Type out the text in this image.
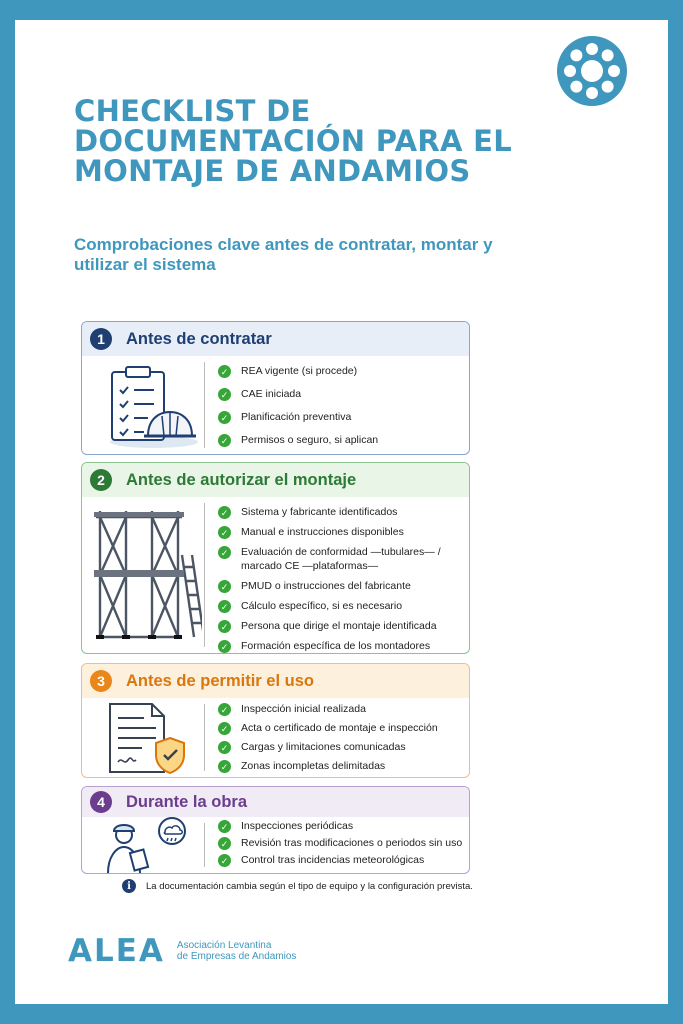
CHECKLIST DE DOCUMENTACIÓN PARA EL MONTAJE DE ANDAMIOS

Comprobaciones clave antes de contratar, montar y utilizar el sistema

1	Antes de contratar
✓ REA vigente (si procede)
✓ CAE iniciada
✓ Planificación preventiva
✓ Permisos o seguro, si aplican
2	Antes de autorizar el montaje
✓ Sistema y fabricante identificados
✓ Manual e instrucciones disponibles
✓ Evaluación de conformidad —tubulares— / marcado CE —plataformas—
✓ PMUD o instrucciones del fabricante
✓ Cálculo específico, si es necesario
✓ Persona que dirige el montaje identificada
✓ Formación específica de los montadores
3	Antes de permitir el uso
✓ Inspección inicial realizada
✓ Acta o certificado de montaje e inspección
✓ Cargas y limitaciones comunicadas
✓ Zonas incompletas delimitadas
4	Durante la obra
✓ Inspecciones periódicas
✓ Revisión tras modificaciones o periodos sin uso
✓ Control tras incidencias meteorológicas
i	La documentación cambia según el tipo de equipo y la configuración prevista.
ALEA Asociación Levantina
de Empresas de Andamios
